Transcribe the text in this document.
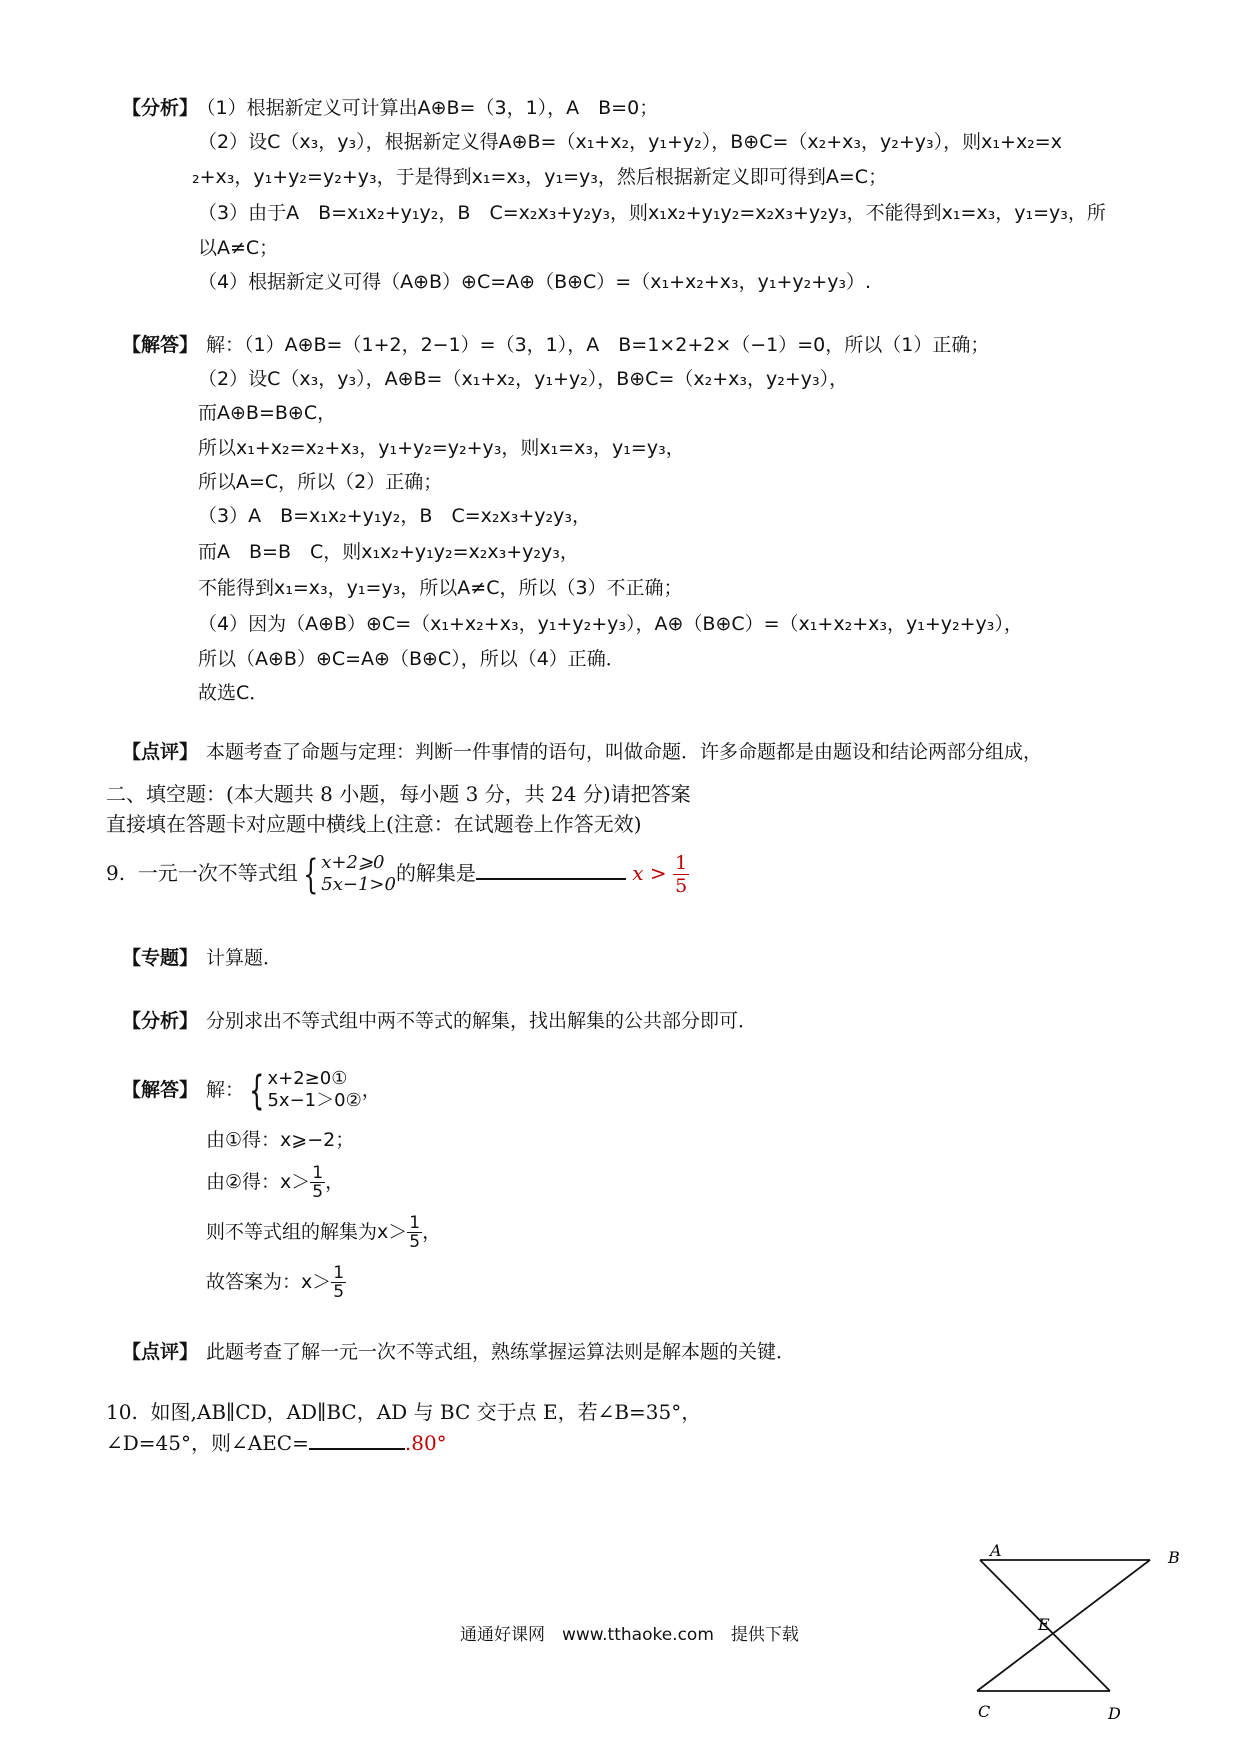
【分析】 （1）根据新定义可计算出A⊕B=（3，1），A　B=0；
（2）设C（x₃，y₃），根据新定义得A⊕B=（x₁+x₂，y₁+y₂），B⊕C=（x₂+x₃，y₂+y₃），则x₁+x₂=x
₂+x₃，y₁+y₂=y₂+y₃，于是得到x₁=x₃，y₁=y₃，然后根据新定义即可得到A=C；
（3）由于A　B=x₁x₂+y₁y₂，B　C=x₂x₃+y₂y₃，则x₁x₂+y₁y₂=x₂x₃+y₂y₃，不能得到x₁=x₃，y₁=y₃，所
以A≠C；
（4）根据新定义可得（A⊕B）⊕C=A⊕（B⊕C）=（x₁+x₂+x₃，y₁+y₂+y₃）.
【解答】 解：（1）A⊕B=（1+2，2−1）=（3，1），A　B=1×2+2×（−1）=0，所以（1）正确；
（2）设C（x₃，y₃），A⊕B=（x₁+x₂，y₁+y₂），B⊕C=（x₂+x₃，y₂+y₃），
而A⊕B=B⊕C，
所以x₁+x₂=x₂+x₃，y₁+y₂=y₂+y₃，则x₁=x₃，y₁=y₃，
所以A=C，所以（2）正确；
（3）A　B=x₁x₂+y₁y₂，B　C=x₂x₃+y₂y₃，
而A　B=B　C，则x₁x₂+y₁y₂=x₂x₃+y₂y₃，
不能得到x₁=x₃，y₁=y₃，所以A≠C，所以（3）不正确；
（4）因为（A⊕B）⊕C=（x₁+x₂+x₃，y₁+y₂+y₃），A⊕（B⊕C）=（x₁+x₂+x₃，y₁+y₂+y₃），
所以（A⊕B）⊕C=A⊕（B⊕C），所以（4）正确．
故选C．
【点评】 本题考查了命题与定理：判断一件事情的语句，叫做命题．许多命题都是由题设和结论两部分组成，
二、填空题：(本大题共 8 小题，每小题 3 分，共 24 分)请把答案
直接填在答题卡对应题中横线上(注意：在试题卷上作答无效)
9. 一元一次不等式组 { x+2⩾0
5x−1>0 的解集是	$x > \frac{1}{5}$
【专题】 计算题．
【分析】 分别求出不等式组中两不等式的解集，找出解集的公共部分即可．
【解答】 解： { x+2≥0①
5x−1＞0② ，
由①得：x⩾−2；
由②得：$x> \frac{1}{5}$ ，
则不等式组的解集为$x> \frac{1}{5}$ ，
故答案为：$x> \frac{1}{5}$
【点评】 此题考查了解一元一次不等式组，熟练掌握运算法则是解本题的关键．
10. 如图,AB∥CD，AD∥BC，AD 与 BC 交于点 E，若∠B=35°，
∠D=45°，则∠AEC=	.80°
通通好课网　www.tthaoke.com　提供下载
A	B
E
C	D
